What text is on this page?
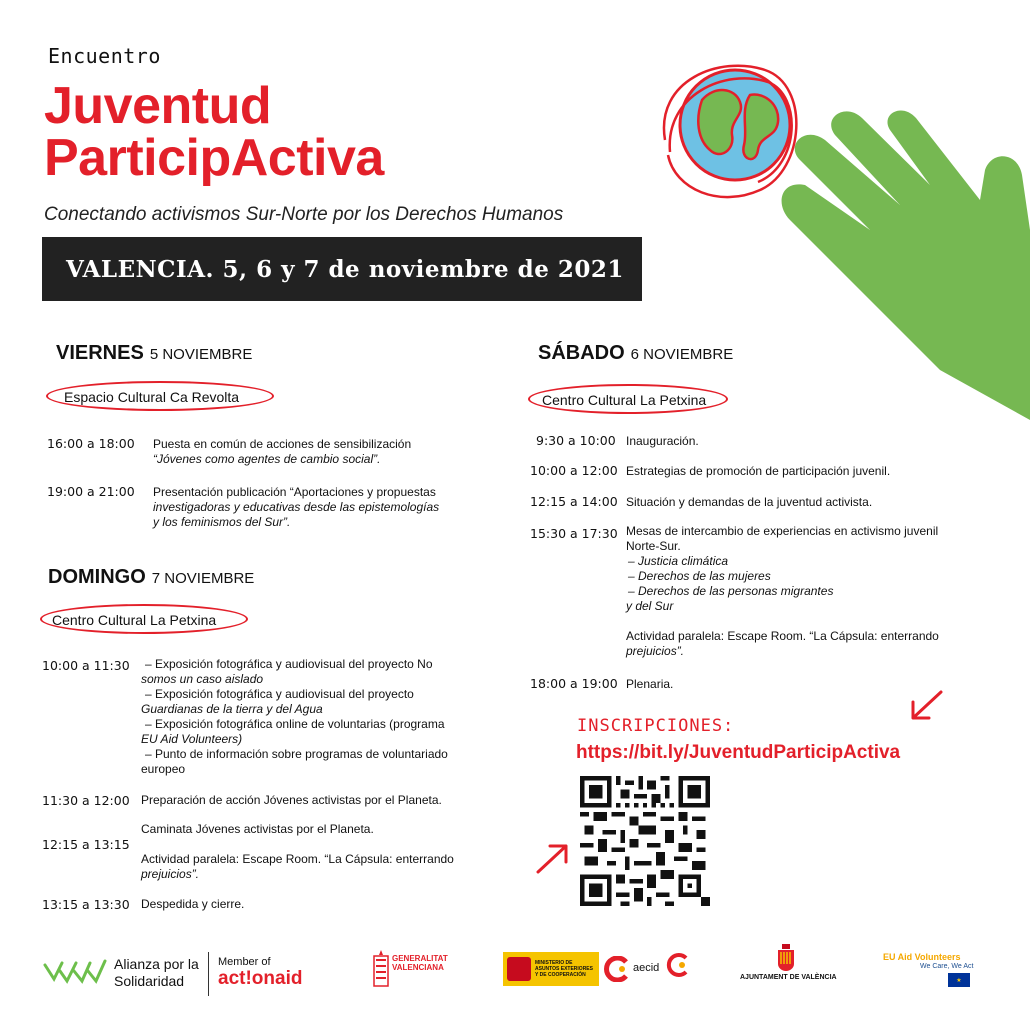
Encuentro
Juventud
ParticipActiva
Conectando activismos Sur-Norte por los Derechos Humanos
VALENCIA. 5, 6 y 7 de noviembre de 2021
VIERNES 5 NOVIEMBRE
Espacio Cultural Ca Revolta
16:00 a 18:00 Puesta en común de acciones de sensibilización
“Jóvenes como agentes de cambio social”.
19:00 a 21:00 Presentación publicación “Aportaciones y propuestas
investigadoras y educativas desde las epistemologías
y los feminismos del Sur”.
DOMINGO 7 NOVIEMBRE
Centro Cultural La Petxina
10:00 a 11:30	– Exposición fotográfica y audiovisual del proyecto No
somos un caso aislado
– Exposición fotográfica y audiovisual del proyecto
Guardianas de la tierra y del Agua
– Exposición fotográfica online de voluntarias (programa
EU Aid Volunteers)
– Punto de información sobre programas de voluntariado
europeo
11:30 a 12:00 Preparación de acción Jóvenes activistas por el Planeta.
12:15 a 13:15
Caminata Jóvenes activistas por el Planeta.
Actividad paralela: Escape Room. “La Cápsula: enterrando
prejuicios”.
13:15 a 13:30 Despedida y cierre.
SÁBADO 6 NOVIEMBRE
Centro Cultural La Petxina
9:30 a 10:00 Inauguración.
10:00 a 12:00 Estrategias de promoción de participación juvenil.
12:15 a 14:00 Situación y demandas de la juventud activista.
15:30 a 17:30 Mesas de intercambio de experiencias en activismo juvenil
Norte-Sur.
– Justicia climática
– Derechos de las mujeres
– Derechos de las personas migrantes
y del Sur
Actividad paralela: Escape Room. “La Cápsula: enterrando
prejuicios”.
18:00 a 19:00 Plenaria.
INSCRIPCIONES:
https://bit.ly/JuventudParticipActiva
Alianza por la
Solidaridad
Member of
act!onaid
GENERALITAT
VALENCIANA	MINISTERIO DE ASUNTOS EXTERIORES Y DE COOPERACIÓN
aecid
AJUNTAMENT DE VALÈNCIA
EU Aid Volunteers
We Care, We Act
★
